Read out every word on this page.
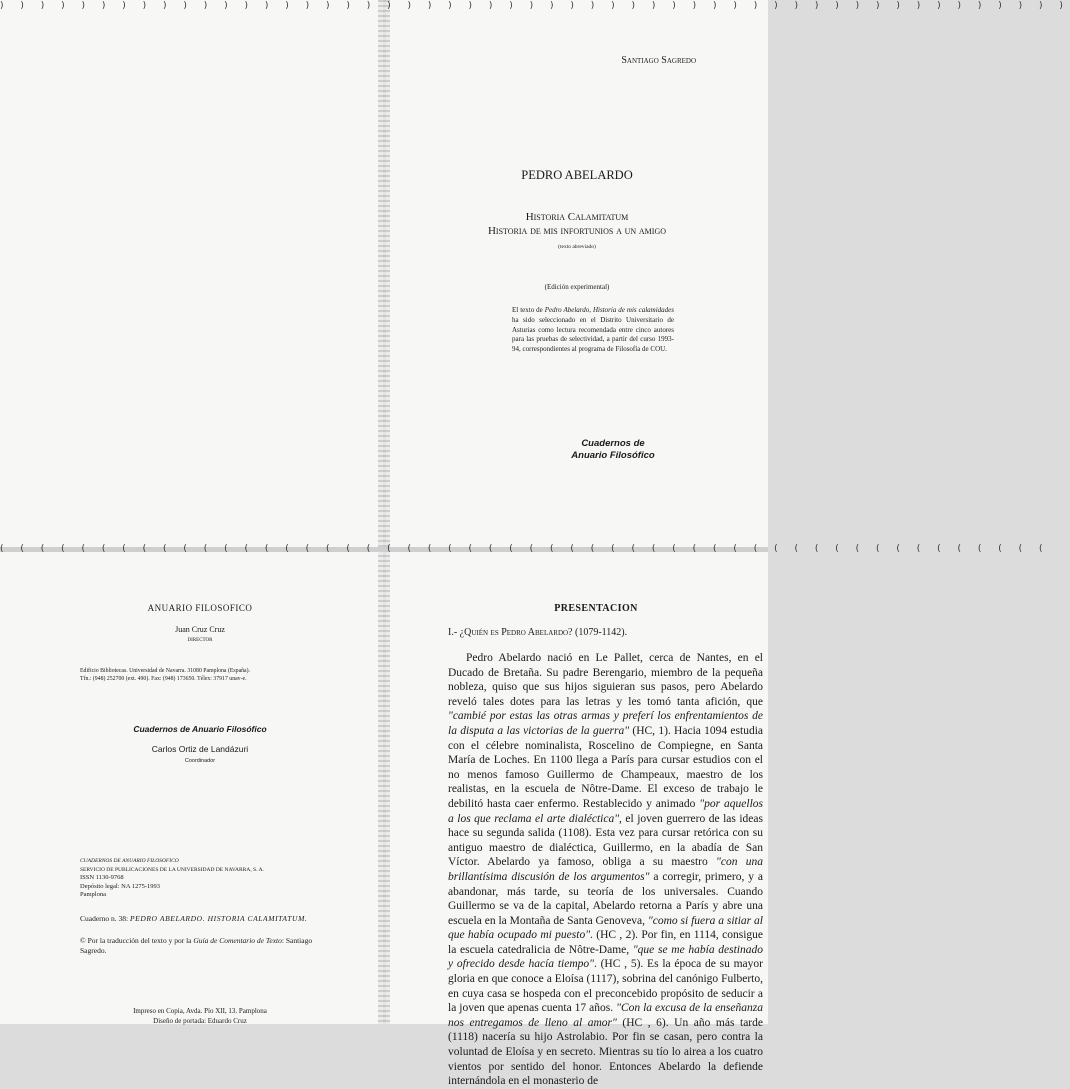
Santiago Sagredo
PEDRO ABELARDO
Historia Calamitatum
Historia de mis infortunios a un amigo
(texto abreviado)
(Edición experimental)
El texto de Pedro Abelardo, Historia de mis calamidades ha sido seleccionado en el Distrito Universitario de Asturias como lectura recomendada entre cinco autores para las pruebas de selectividad, a partir del curso 1993-94, correspondientes al programa de Filosofía de COU.
Cuadernos de
Anuario Filosófico
ANUARIO FILOSOFICO
Juan Cruz Cruz
DIRECTOR
Edificio Bibliotecas. Universidad de Navarra. 31080 Pamplona (España).
Tfn.: (948) 252700 (ext. 490). Fax: (948) 173650. Télex: 37917 unav-e.
Cuadernos de Anuario Filosófico
Carlos Ortiz de Landázuri
Coordinador
CUADERNOS DE ANUARIO FILOSOFICO
SERVICIO DE PUBLICACIONES DE LA UNIVERSIDAD DE NAVARRA, S. A.
ISSN 1130-9768
Depósito legal: NA 1275-1993
Pamplona
Cuaderno n. 38: PEDRO ABELARDO. HISTORIA CALAMITATUM.
© Por la traducción del texto y por la Guía de Comentario de Texto: Santiago Sagredo.
Impreso en Copia, Avda. Pío XII, 13. Pamplona
Diseño de portada: Eduardo Cruz
PRESENTACION
I.- ¿Quién es Pedro Abelardo? (1079-1142).

Pedro Abelardo nació en Le Pallet, cerca de Nantes, en el Ducado de Bretaña. Su padre Berengario, miembro de la pequeña nobleza, quiso que sus hijos siguieran sus pasos, pero Abelardo reveló tales dotes para las letras y les tomó tanta afición, que "cambié por estas las otras armas y preferí los enfrentamientos de la disputa a las victorias de la guerra" (HC, 1). Hacia 1094 estudia con el célebre nominalista, Roscelino de Compiegne, en Santa María de Loches. En 1100 llega a París para cursar estudios con el no menos famoso Guillermo de Champeaux, maestro de los realistas, en la escuela de Nôtre-Dame. El exceso de trabajo le debilitó hasta caer enfermo. Restablecido y animado "por aquellos a los que reclama el arte dialéctica", el joven guerrero de las ideas hace su segunda salida (1108). Esta vez para cursar retórica con su antiguo maestro de dialéctica, Guillermo, en la abadía de San Víctor. Abelardo ya famoso, obliga a su maestro "con una brillantísima discusión de los argumentos" a corregir, primero, y a abandonar, más tarde, su teoría de los universales. Cuando Guillermo se va de la capital, Abelardo retorna a París y abre una escuela en la Montaña de Santa Genoveva, "como si fuera a sitiar al que había ocupado mi puesto". (HC , 2). Por fin, en 1114, consigue la escuela catedralicia de Nôtre-Dame, "que se me había destinado y ofrecido desde hacía tiempo". (HC , 5). Es la época de su mayor gloria en que conoce a Eloísa (1117), sobrina del canónigo Fulberto, en cuya casa se hospeda con el preconcebido propósito de seducir a la joven que apenas cuenta 17 años. "Con la excusa de la enseñanza nos entregamos de lleno al amor" (HC , 6). Un año más tarde (1118) nacería su hijo Astrolabio. Por fin se casan, pero contra la voluntad de Eloísa y en secreto. Mientras su tío lo airea a los cuatro vientos por sentido del honor. Entonces Abelardo la defiende internándola en el monasterio de

) ) ) ) ) ) ) ) ) ) ) ) ) ) ) ) ) ) ) ) ) ) ) ) ) ) ) ) ) ) ) ) ) ) ) ) ) ) ) ) ) ) ) ) ) ) ) ) ) ) ) ) )
( ( ( ( ( ( ( ( ( ( ( ( ( ( ( ( ( ( ( ( ( ( ( ( ( ( ( ( ( ( ( ( ( ( ( ( ( ( ( ( ( ( ( ( ( ( ( ( ( ( ( (
